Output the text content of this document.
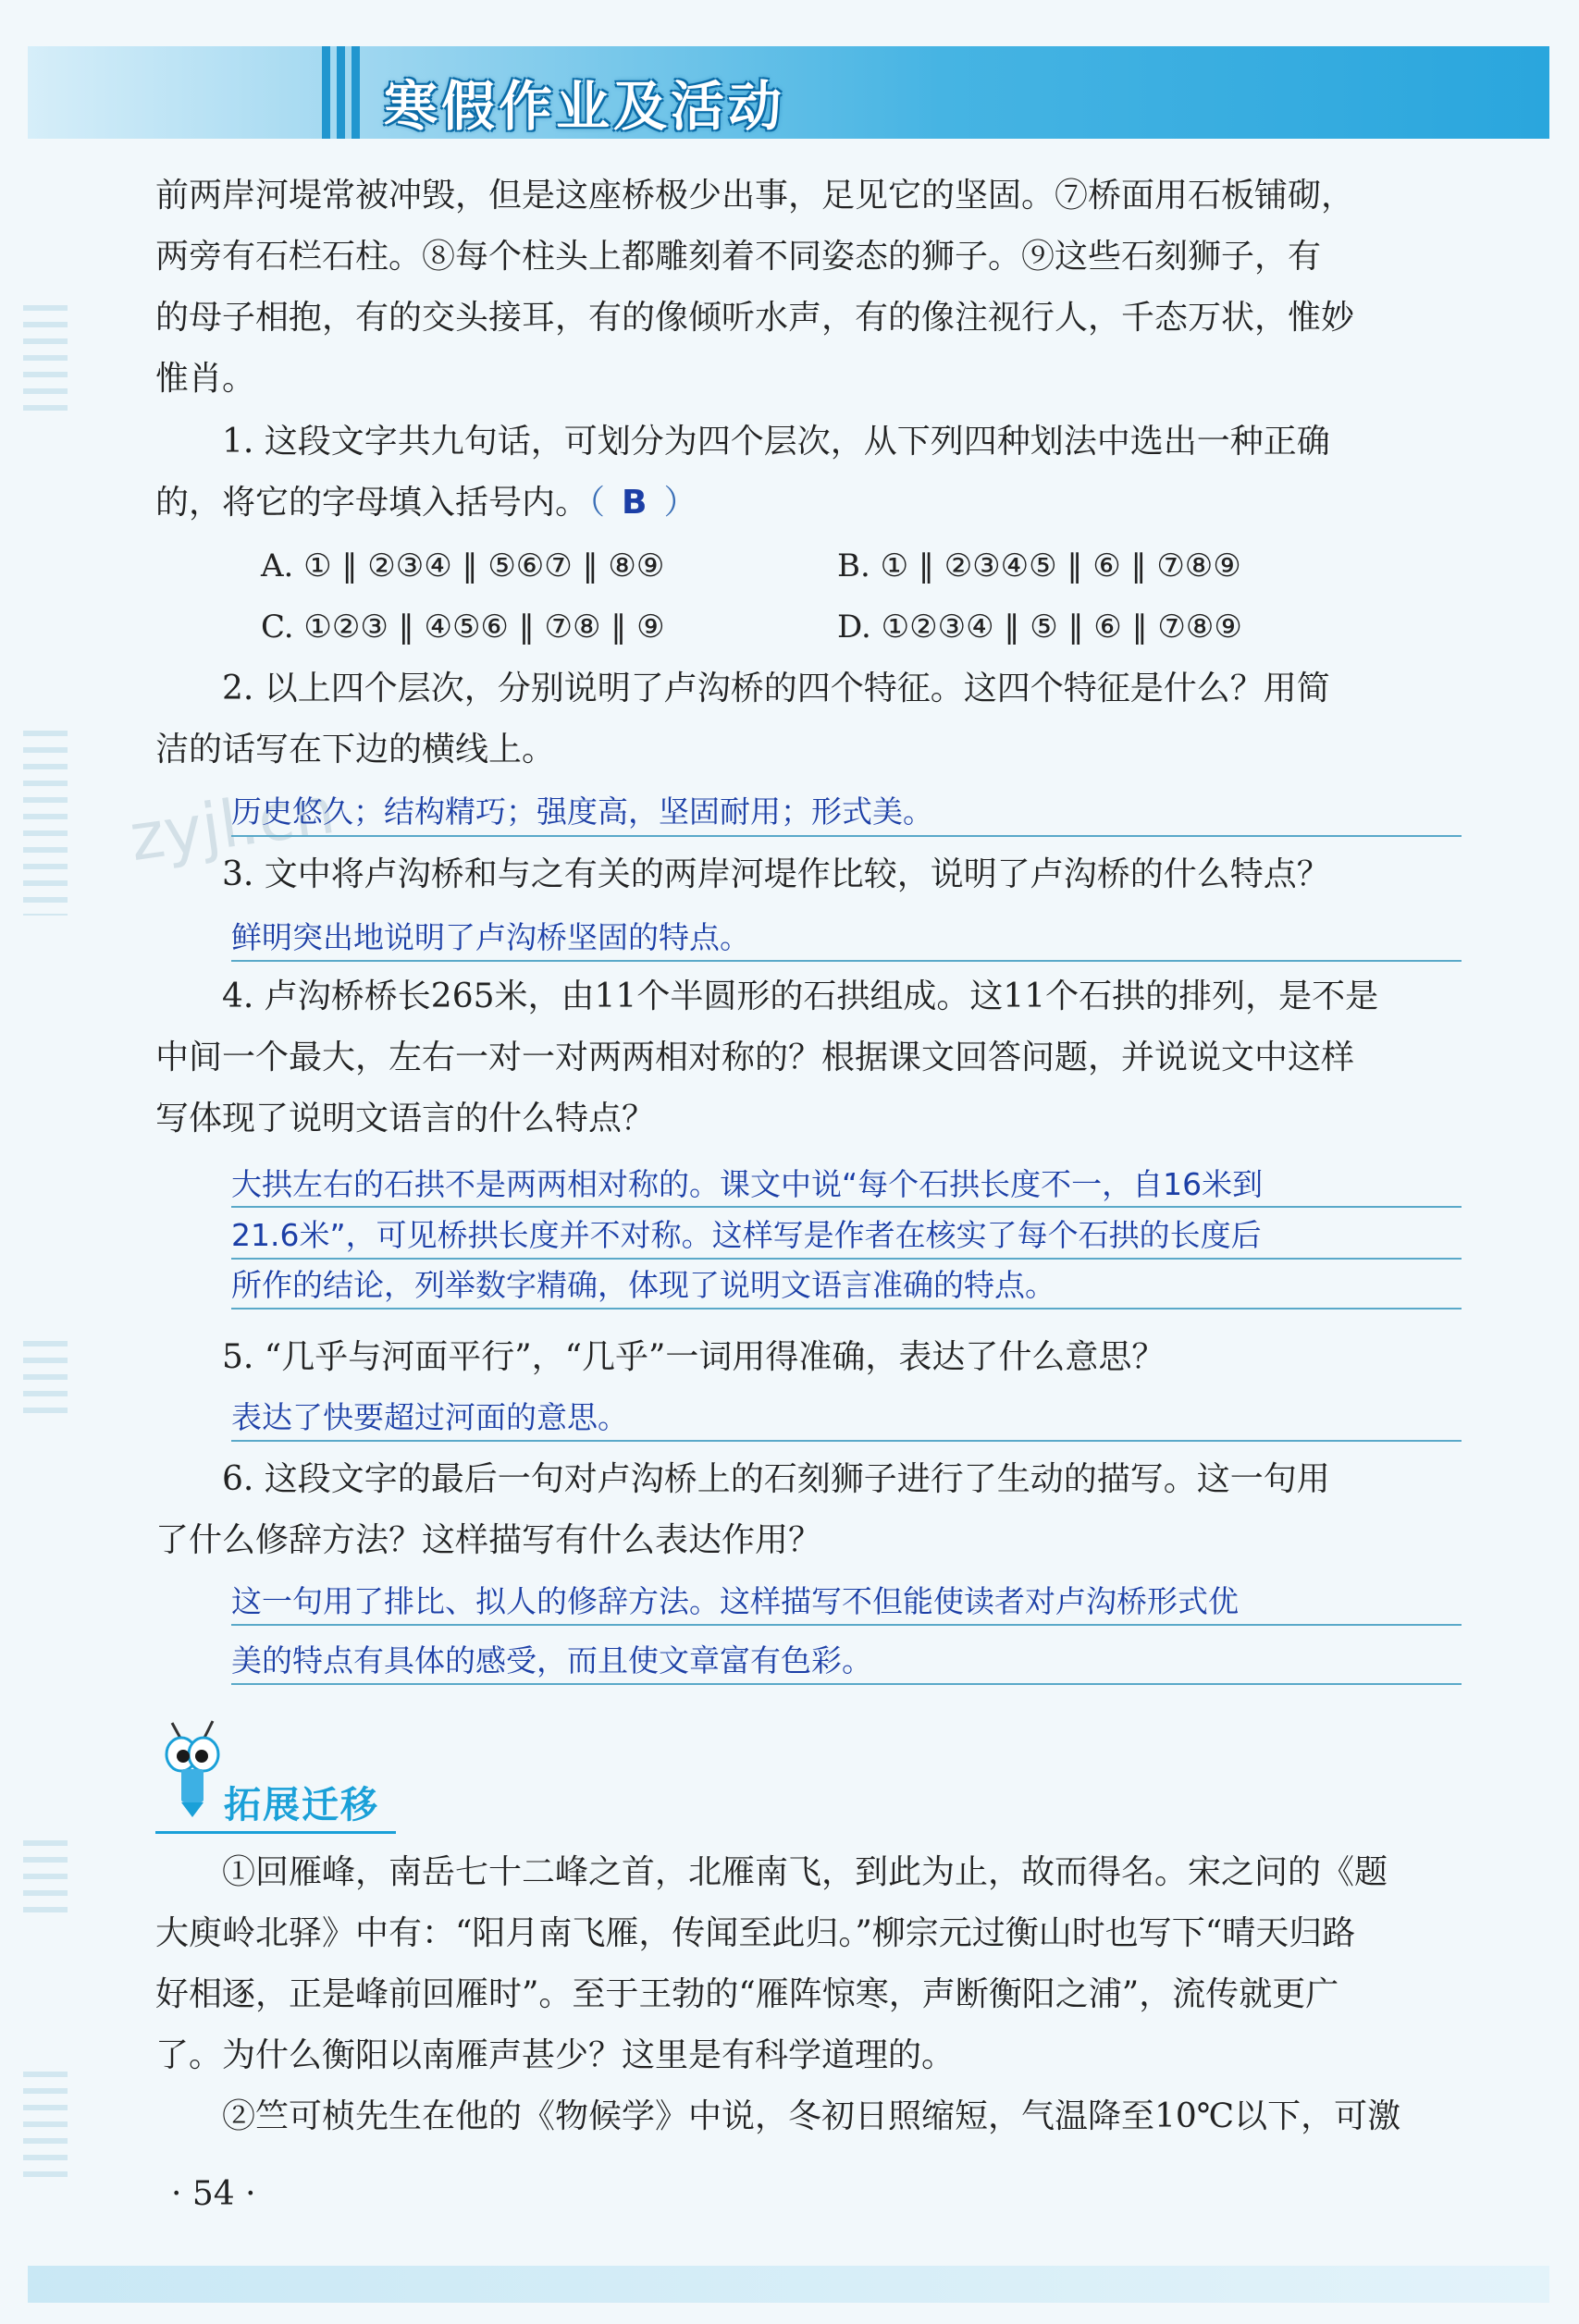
寒假作业及活动
zyjl.cn
前两岸河堤常被冲毁，但是这座桥极少出事，足见它的坚固。⑦桥面用石板铺砌，
两旁有石栏石柱。⑧每个柱头上都雕刻着不同姿态的狮子。⑨这些石刻狮子，有
的母子相抱，有的交头接耳，有的像倾听水声，有的像注视行人，千态万状，惟妙
惟肖。
1. 这段文字共九句话，可划分为四个层次，从下列四种划法中选出一种正确
的，将它的字母填入括号内。（ B ）
A. ① ‖ ②③④ ‖ ⑤⑥⑦ ‖ ⑧⑨	B. ① ‖ ②③④⑤ ‖ ⑥ ‖ ⑦⑧⑨
C. ①②③ ‖ ④⑤⑥ ‖ ⑦⑧ ‖ ⑨	D. ①②③④ ‖ ⑤ ‖ ⑥ ‖ ⑦⑧⑨
2. 以上四个层次，分别说明了卢沟桥的四个特征。这四个特征是什么？用简
洁的话写在下边的横线上。
历史悠久；结构精巧；强度高，坚固耐用；形式美。
3. 文中将卢沟桥和与之有关的两岸河堤作比较，说明了卢沟桥的什么特点？
鲜明突出地说明了卢沟桥坚固的特点。
4. 卢沟桥桥长265米，由11个半圆形的石拱组成。这11个石拱的排列，是不是
中间一个最大，左右一对一对两两相对称的？根据课文回答问题，并说说文中这样
写体现了说明文语言的什么特点？
大拱左右的石拱不是两两相对称的。课文中说“每个石拱长度不一，自16米到
21.6米”，可见桥拱长度并不对称。这样写是作者在核实了每个石拱的长度后
所作的结论，列举数字精确，体现了说明文语言准确的特点。
5. “几乎与河面平行”，“几乎”一词用得准确，表达了什么意思？
表达了快要超过河面的意思。
6. 这段文字的最后一句对卢沟桥上的石刻狮子进行了生动的描写。这一句用
了什么修辞方法？这样描写有什么表达作用？
这一句用了排比、拟人的修辞方法。这样描写不但能使读者对卢沟桥形式优
美的特点有具体的感受，而且使文章富有色彩。
拓展迁移
①回雁峰，南岳七十二峰之首，北雁南飞，到此为止，故而得名。宋之问的《题
大庾岭北驿》中有：“阳月南飞雁，传闻至此归。”柳宗元过衡山时也写下“晴天归路
好相逐，正是峰前回雁时”。至于王勃的“雁阵惊寒，声断衡阳之浦”，流传就更广
了。为什么衡阳以南雁声甚少？这里是有科学道理的。
②竺可桢先生在他的《物候学》中说，冬初日照缩短，气温降至10℃以下，可激
· 54 ·
